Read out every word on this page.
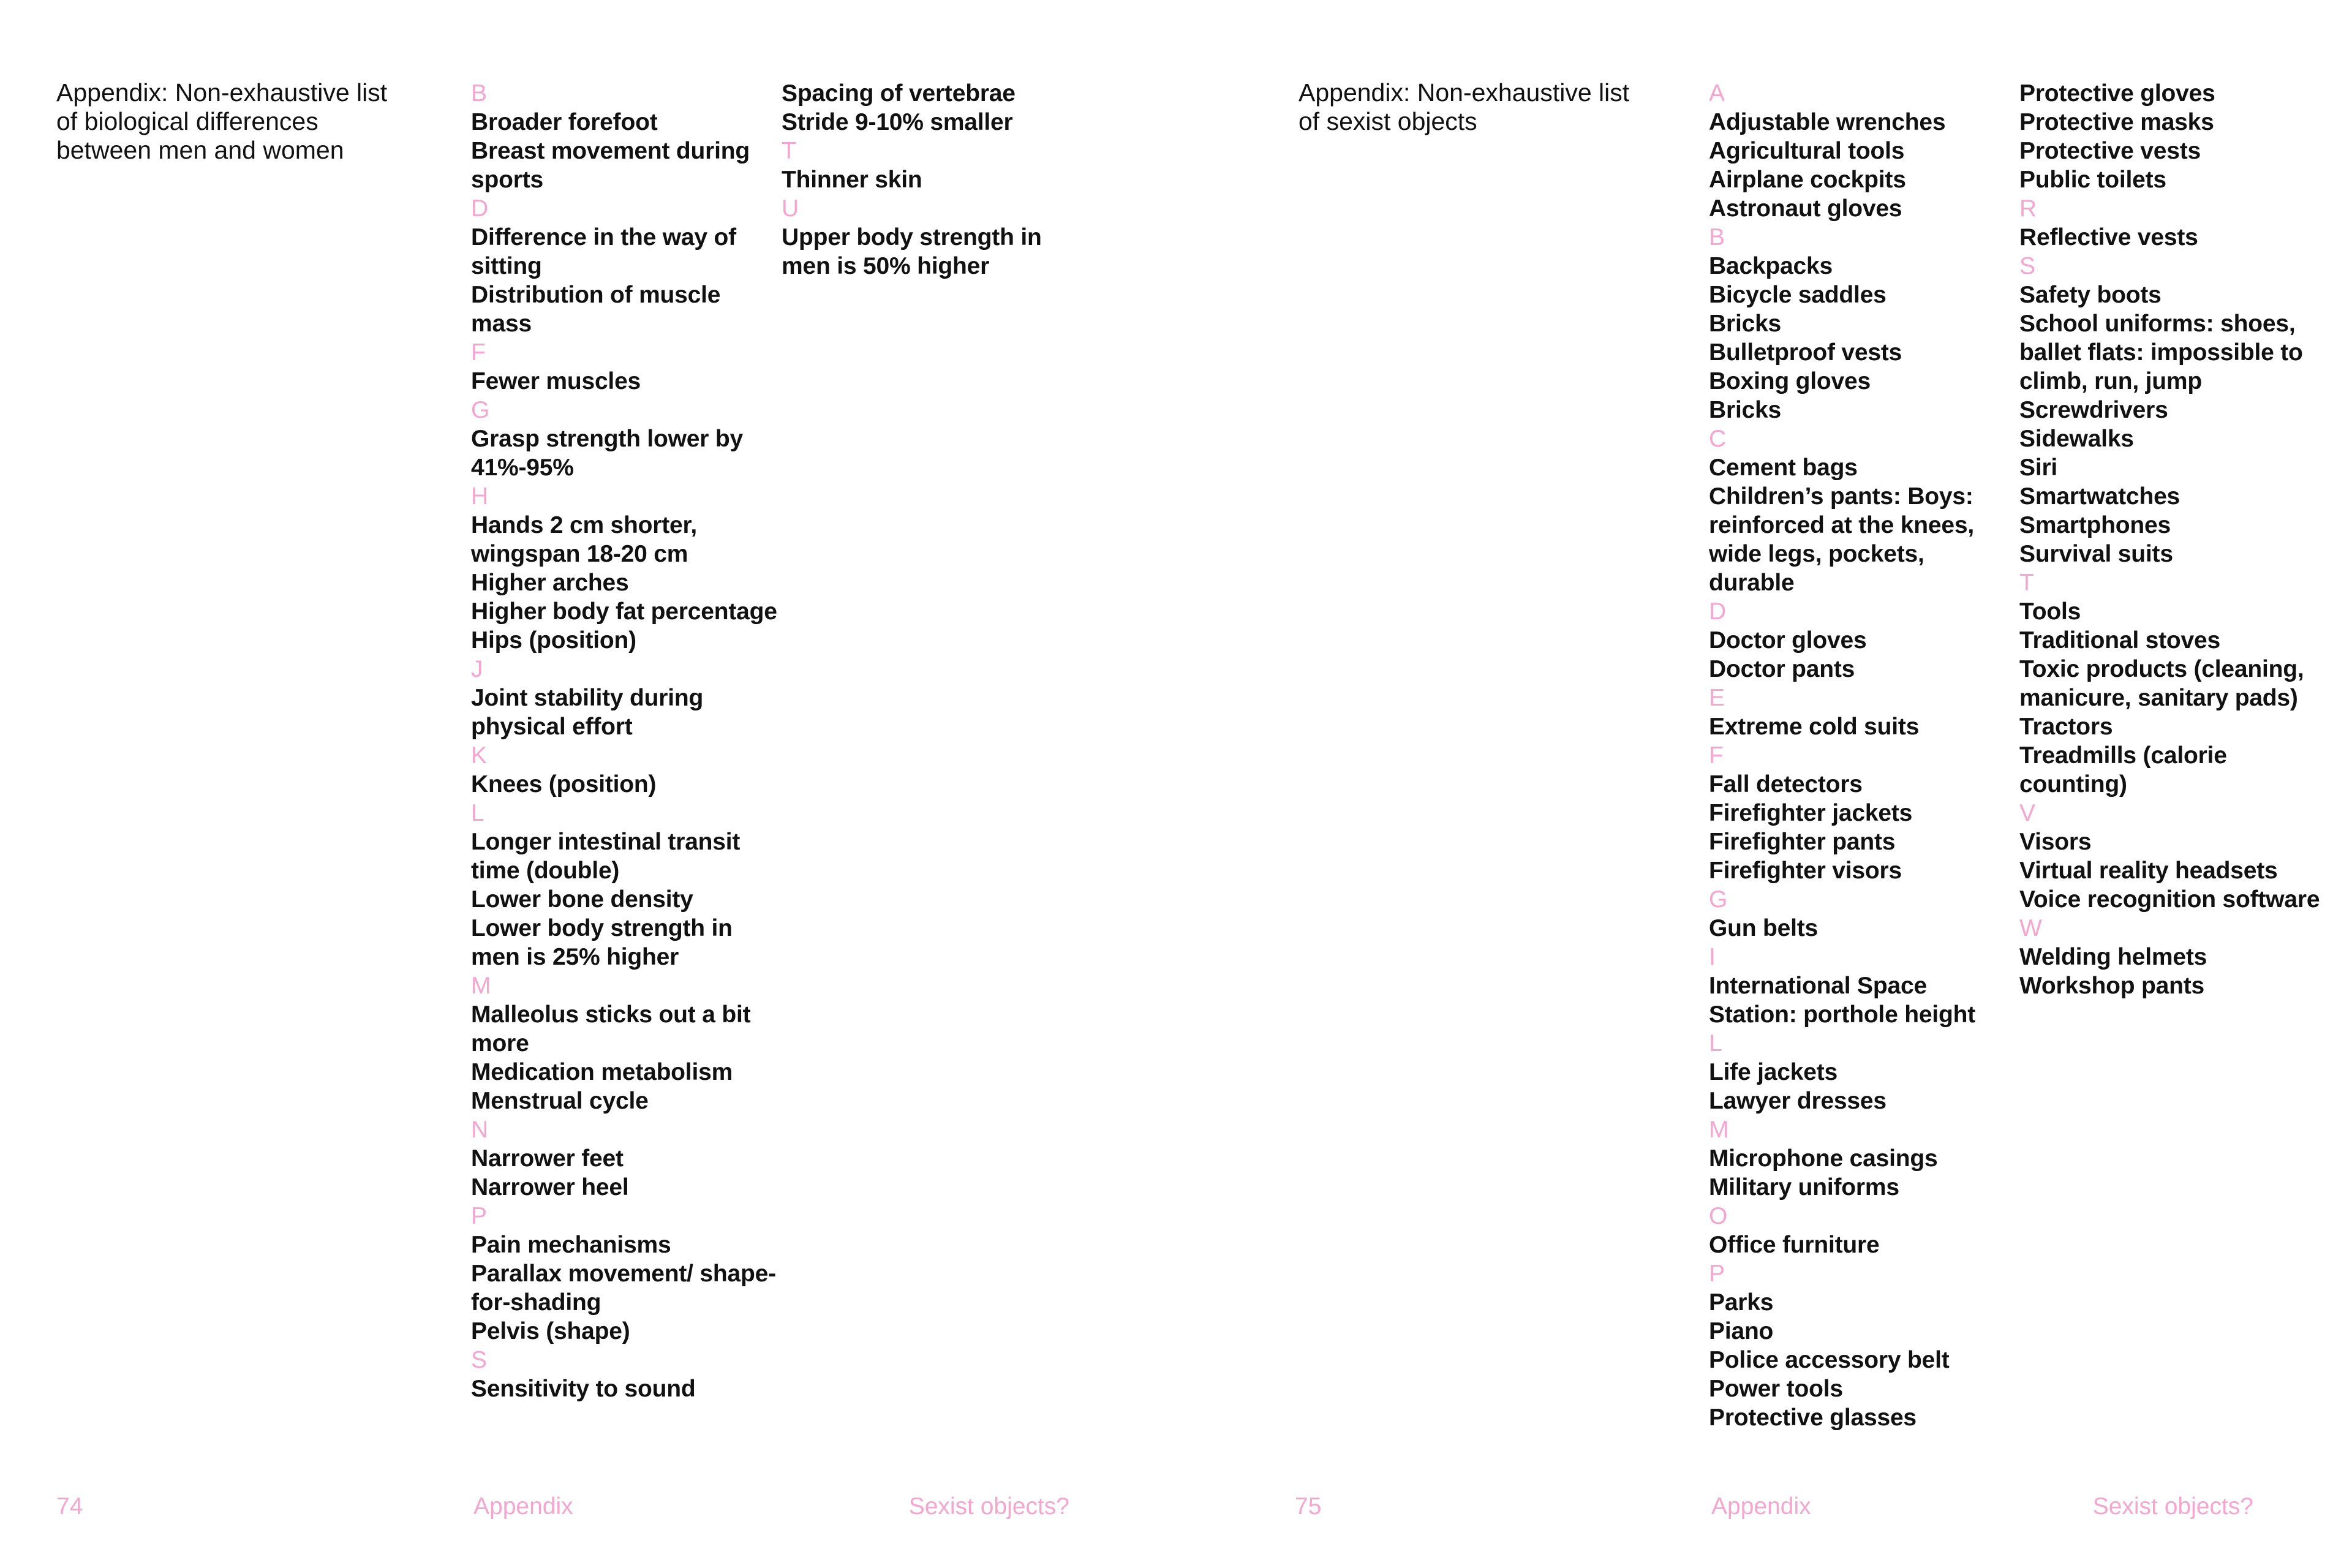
Appendix: Non-exhaustive list of biological differences between men and women
B
Broader forefoot
Breast movement during sports
D
Difference in the way of sitting
Distribution of muscle mass
F
Fewer muscles
G
Grasp strength lower by 41%-95%
H
Hands 2 cm shorter, wingspan 18-20 cm
Higher arches
Higher body fat percentage
Hips (position)
J
Joint stability during physical effort
K
Knees (position)
L
Longer intestinal transit time (double)
Lower bone density
Lower body strength in men is 25% higher
M
Malleolus sticks out a bit more
Medication metabolism
Menstrual cycle
N
Narrower feet
Narrower heel
P
Pain mechanisms
Parallax movement/ shape-for-shading
Pelvis (shape)
S
Sensitivity to sound
Spacing of vertebrae
Stride 9-10% smaller
T
Thinner skin
U
Upper body strength in men is 50% higher
74	Appendix	Sexist objects?
Appendix: Non-exhaustive list of sexist objects
A
Adjustable wrenches
Agricultural tools
Airplane cockpits
Astronaut gloves
B
Backpacks
Bicycle saddles
Bricks
Bulletproof vests
Boxing gloves
Bricks
C
Cement bags
Children’s pants: Boys: reinforced at the knees, wide legs, pockets, durable
D
Doctor gloves
Doctor pants
E
Extreme cold suits
F
Fall detectors
Firefighter jackets
Firefighter pants
Firefighter visors
G
Gun belts
I
International Space Station: porthole height
L
Life jackets
Lawyer dresses
M
Microphone casings
Military uniforms
O
Office furniture
P
Parks
Piano
Police accessory belt
Power tools
Protective glasses
Protective gloves
Protective masks
Protective vests
Public toilets
R
Reflective vests
S
Safety boots
School uniforms: shoes, ballet flats: impossible to climb, run, jump
Screwdrivers
Sidewalks
Siri
Smartwatches
Smartphones
Survival suits
T
Tools
Traditional stoves
Toxic products (cleaning, manicure, sanitary pads)
Tractors
Treadmills (calorie counting)
V
Visors
Virtual reality headsets
Voice recognition software
W
Welding helmets
Workshop pants
75	Appendix	Sexist objects?
